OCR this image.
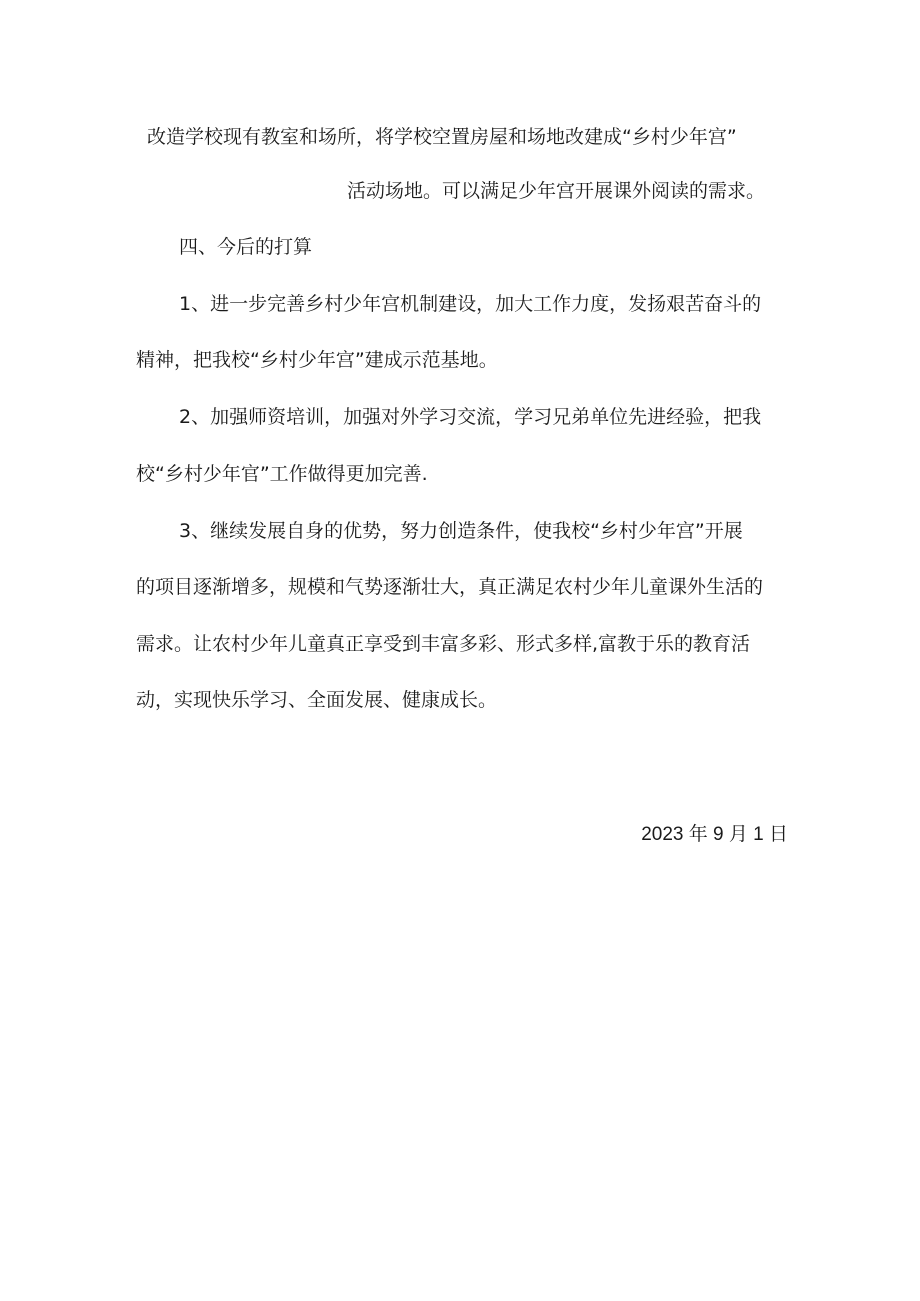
改造学校现有教室和场所，将学校空置房屋和场地改建成“乡村少年宫”

活动场地。可以满足少年宫开展课外阅读的需求。

四、今后的打算

1、进一步完善乡村少年宫机制建设，加大工作力度，发扬艰苦奋斗的

精神，把我校“乡村少年宫”建成示范基地。

2、加强师资培训，加强对外学习交流，学习兄弟单位先进经验，把我

校“乡村少年官”工作做得更加完善.

3、继续发展自身的优势，努力创造条件，使我校“乡村少年宫”开展

的项目逐渐增多，规模和气势逐渐壮大，真正满足农村少年儿童课外生活的

需求。让农村少年儿童真正享受到丰富多彩、形式多样,富教于乐的教育活

动，实现快乐学习、全面发展、健康成长。

2023 年 9 月 1 日
